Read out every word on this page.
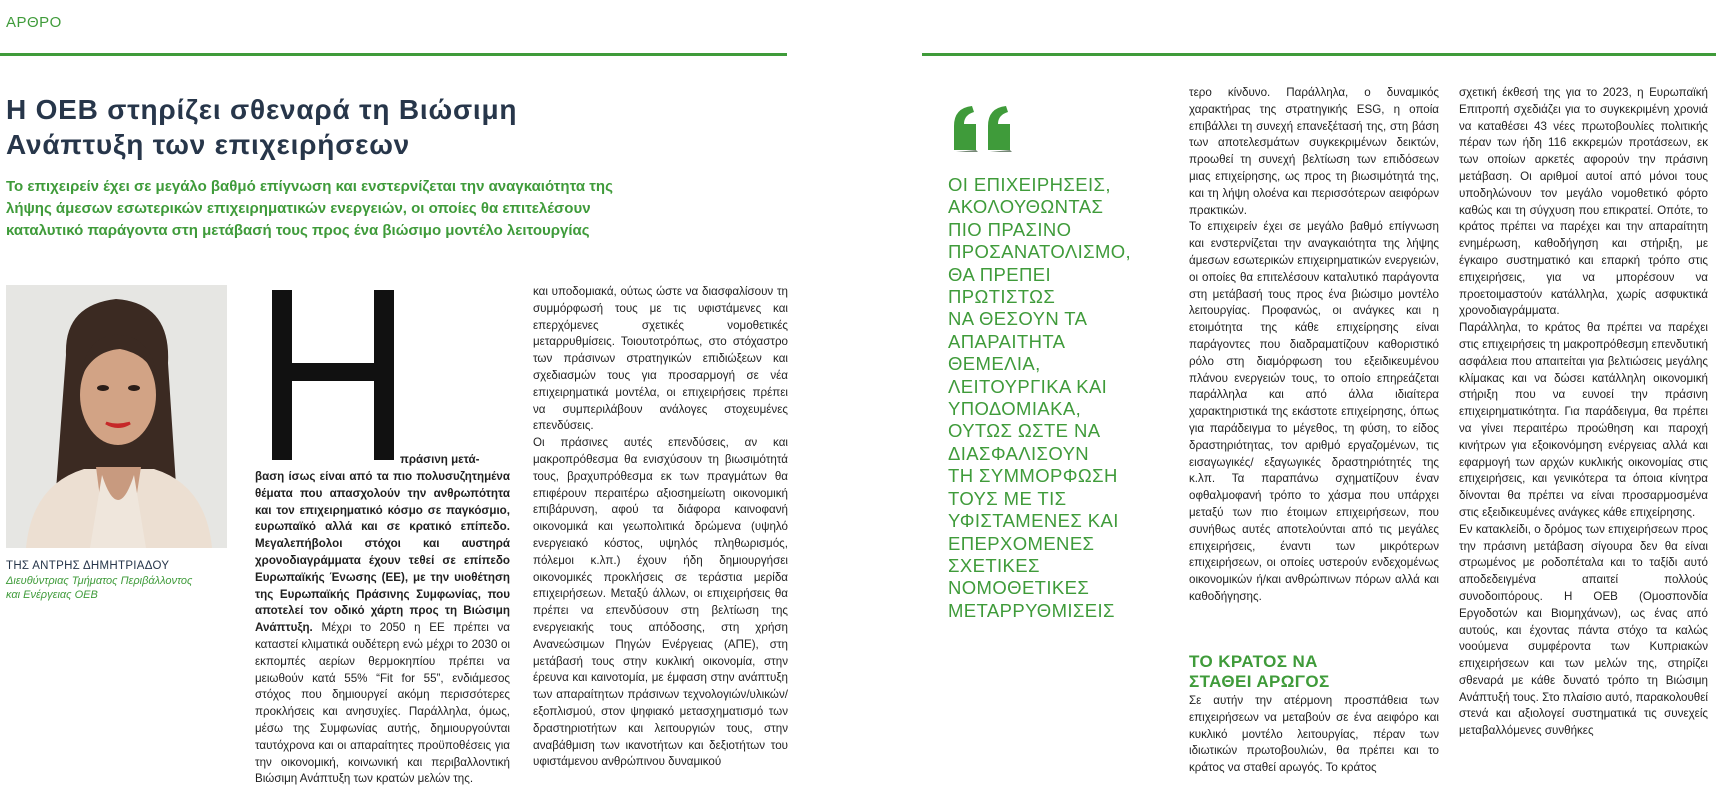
ΑΡΘΡΟ
Η ΟΕΒ στηρίζει σθεναρά τη Βιώσιμη
Ανάπτυξη των επιχειρήσεων
Το επιχειρείν έχει σε μεγάλο βαθμό επίγνωση και ενστερνίζεται την αναγκαιότητα της
λήψης άμεσων εσωτερικών επιχειρηματικών ενεργειών, οι οποίες θα επιτελέσουν
καταλυτικό παράγοντα στη μετάβασή τους προς ένα βιώσιμο μοντέλο λειτουργίας
ΤΗΣ ΑΝΤΡΗΣ ΔΗΜΗΤΡΙΑΔΟΥ
Διευθύντριας Τμήματος Περιβάλλοντος
και Ενέργειας ΟΕΒ
πράσινη μετά-

βαση ίσως είναι από τα πιο πολυσυζητημένα θέματα που απασχολούν την ανθρωπότητα και τον επιχειρηματικό κόσμο σε παγκόσμιο, ευρωπαϊκό αλλά και σε κρατικό επίπεδο. Μεγαλεπήβολοι στόχοι και αυστηρά χρονοδιαγράμματα έχουν τεθεί σε επίπεδο Ευρωπαϊκής Ένωσης (ΕΕ), με την υιοθέτηση της Ευρωπαϊκής Πράσινης Συμφωνίας, που αποτελεί τον οδικό χάρτη προς τη Βιώσιμη Ανάπτυξη. Μέχρι το 2050 η ΕΕ πρέπει να καταστεί κλιματικά ουδέτερη ενώ μέχρι το 2030 οι εκπομπές αερίων θερμοκηπίου πρέπει να μειωθούν κατά 55% “Fit for 55”, ενδιάμεσος στόχος που δημιουργεί ακόμη περισσότερες προκλήσεις και ανησυχίες. Παράλληλα, όμως, μέσω της Συμφωνίας αυτής, δημιουργούνται ταυτόχρονα και οι απαραίτητες προϋποθέσεις για την οικονομική, κοινωνική και περιβαλλοντική Βιώσιμη Ανάπτυξη των κρατών μελών της.

και υποδομιακά, ούτως ώστε να διασφαλίσουν τη συμμόρφωσή τους με τις υφιστάμενες και επερχόμενες σχετικές νομοθετικές μεταρρυθμίσεις. Τοιουτοτρόπως, στο στόχαστρο των πράσινων στρατηγικών επιδιώξεων και σχεδιασμών τους για προσαρμογή σε νέα επιχειρηματικά μοντέλα, οι επιχειρήσεις πρέπει να συμπεριλάβουν ανάλογες στοχευμένες επενδύσεις.

Οι πράσινες αυτές επενδύσεις, αν και μακροπρόθεσμα θα ενισχύσουν τη βιωσιμότητά τους, βραχυπρόθεσμα εκ των πραγμάτων θα επιφέρουν περαιτέρω αξιοσημείωτη οικονομική επιβάρυνση, αφού τα διάφορα καινοφανή οικονομικά και γεωπολιτικά δρώμενα (υψηλό ενεργειακό κόστος, υψηλός πληθωρισμός, πόλεμοι κ.λπ.) έχουν ήδη δημιουργήσει οικονομικές προκλήσεις σε τεράστια μερίδα επιχειρήσεων. Μεταξύ άλλων, οι επιχειρήσεις θα πρέπει να επενδύσουν στη βελτίωση της ενεργειακής τους απόδοσης, στη χρήση Ανανεώσιμων Πηγών Ενέργειας (ΑΠΕ), στη μετάβασή τους στην κυκλική οικονομία, στην έρευνα και καινοτομία, με έμφαση στην ανάπτυξη των απαραίτητων πράσινων τεχνολογιών/υλικών/εξοπλισμού, στον ψηφιακό μετασχηματισμό των δραστηριοτήτων και λειτουργιών τους, στην αναβάθμιση των ικανοτήτων και δεξιοτήτων του υφιστάμενου ανθρώπινου δυναμικού

ΟΙ ΕΠΙΧΕΙΡΗΣΕΙΣ,
ΑΚΟΛΟΥΘΩΝΤΑΣ
ΠΙΟ ΠΡΑΣΙΝΟ
ΠΡΟΣΑΝΑΤΟΛΙΣΜΟ,
ΘΑ ΠΡΕΠΕΙ
ΠΡΩΤΙΣΤΩΣ
ΝΑ ΘΕΣΟΥΝ ΤΑ
ΑΠΑΡΑΙΤΗΤΑ
ΘΕΜΕΛΙΑ,
ΛΕΙΤΟΥΡΓΙΚΑ ΚΑΙ
ΥΠΟΔΟΜΙΑΚΑ,
ΟΥΤΩΣ ΩΣΤΕ ΝΑ
ΔΙΑΣΦΑΛΙΣΟΥΝ
ΤΗ ΣΥΜΜΟΡΦΩΣΗ
ΤΟΥΣ ΜΕ ΤΙΣ
ΥΦΙΣΤΑΜΕΝΕΣ ΚΑΙ
ΕΠΕΡΧΟΜΕΝΕΣ
ΣΧΕΤΙΚΕΣ
ΝΟΜΟΘΕΤΙΚΕΣ
ΜΕΤΑΡΡΥΘΜΙΣΕΙΣ

τερο κίνδυνο. Παράλληλα, ο δυναμικός χαρακτήρας της στρατηγικής ESG, η οποία επιβάλλει τη συνεχή επανεξέτασή της, στη βάση των αποτελεσμάτων συγκεκριμένων δεικτών, προωθεί τη συνεχή βελτίωση των επιδόσεων μιας επιχείρησης, ως προς τη βιωσιμότητά της, και τη λήψη ολοένα και περισσότερων αειφόρων πρακτικών.

Το επιχειρείν έχει σε μεγάλο βαθμό επίγνωση και ενστερνίζεται την αναγκαιότητα της λήψης άμεσων εσωτερικών επιχειρηματικών ενεργειών, οι οποίες θα επιτελέσουν καταλυτικό παράγοντα στη μετάβασή τους προς ένα βιώσιμο μοντέλο λειτουργίας. Προφανώς, οι ανάγκες και η ετοιμότητα της κάθε επιχείρησης είναι παράγοντες που διαδραματίζουν καθοριστικό ρόλο στη διαμόρφωση του εξειδικευμένου πλάνου ενεργειών τους, το οποίο επηρεάζεται παράλληλα και από άλλα ιδιαίτερα χαρακτηριστικά της εκάστοτε επιχείρησης, όπως για παράδειγμα το μέγεθος, τη φύση, το είδος δραστηριότητας, τον αριθμό εργαζομένων, τις εισαγωγικές/ εξαγωγικές δραστηριότητές της κ.λπ. Τα παραπάνω σχηματίζουν έναν οφθαλμοφανή τρόπο το χάσμα που υπάρχει μεταξύ των πιο έτοιμων επιχειρήσεων, που συνήθως αυτές αποτελούνται από τις μεγάλες επιχειρήσεις, έναντι των μικρότερων επιχειρήσεων, οι οποίες υστερούν ενδεχομένως οικονομικών ή/και ανθρώπινων πόρων αλλά και καθοδήγησης.

ΤΟ ΚΡΑΤΟΣ ΝΑ
ΣΤΑΘΕΙ ΑΡΩΓΟΣ

Σε αυτήν την ατέρμονη προσπάθεια των επιχειρήσεων να μεταβούν σε ένα αειφόρο και κυκλικό μοντέλο λειτουργίας, πέραν των ιδιωτικών πρωτοβουλιών, θα πρέπει και το κράτος να σταθεί αρωγός. Το κράτος

σχετική έκθεσή της για το 2023, η Ευρωπαϊκή Επιτροπή σχεδιάζει για το συγκεκριμένη χρονιά να καταθέσει 43 νέες πρωτοβουλίες πολιτικής πέραν των ήδη 116 εκκρεμών προτάσεων, εκ των οποίων αρκετές αφορούν την πράσινη μετάβαση. Οι αριθμοί αυτοί από μόνοι τους υποδηλώνουν τον μεγάλο νομοθετικό φόρτο καθώς και τη σύγχυση που επικρατεί. Οπότε, το κράτος πρέπει να παρέχει και την απαραίτητη ενημέρωση, καθοδήγηση και στήριξη, με έγκαιρο συστηματικό και επαρκή τρόπο στις επιχειρήσεις, για να μπορέσουν να προετοιμαστούν κατάλληλα, χωρίς ασφυκτικά χρονοδιαγράμματα.

Παράλληλα, το κράτος θα πρέπει να παρέχει στις επιχειρήσεις τη μακροπρόθεσμη επενδυτική ασφάλεια που απαιτείται για βελτιώσεις μεγάλης κλίμακας και να δώσει κατάλληλη οικονομική στήριξη που να ευνοεί την πράσινη επιχειρηματικότητα. Για παράδειγμα, θα πρέπει να γίνει περαιτέρω προώθηση και παροχή κινήτρων για εξοικονόμηση ενέργειας αλλά και εφαρμογή των αρχών κυκλικής οικονομίας στις επιχειρήσεις, και γενικότερα τα όποια κίνητρα δίνονται θα πρέπει να είναι προσαρμοσμένα στις εξειδικευμένες ανάγκες κάθε επιχείρησης.

Εν κατακλείδι, ο δρόμος των επιχειρήσεων προς την πράσινη μετάβαση σίγουρα δεν θα είναι στρωμένος με ροδοπέταλα και το ταξίδι αυτό αποδεδειγμένα απαιτεί πολλούς συνοδοιπόρους. Η ΟΕΒ (Ομοσπονδία Εργοδοτών και Βιομηχάνων), ως ένας από αυτούς, και έχοντας πάντα στόχο τα καλώς νοούμενα συμφέροντα των Κυπριακών επιχειρήσεων και των μελών της, στηρίζει σθεναρά με κάθε δυνατό τρόπο τη Βιώσιμη Ανάπτυξή τους. Στο πλαίσιο αυτό, παρακολουθεί στενά και αξιολογεί συστηματικά τις συνεχείς μεταβαλλόμενες συνθήκες
